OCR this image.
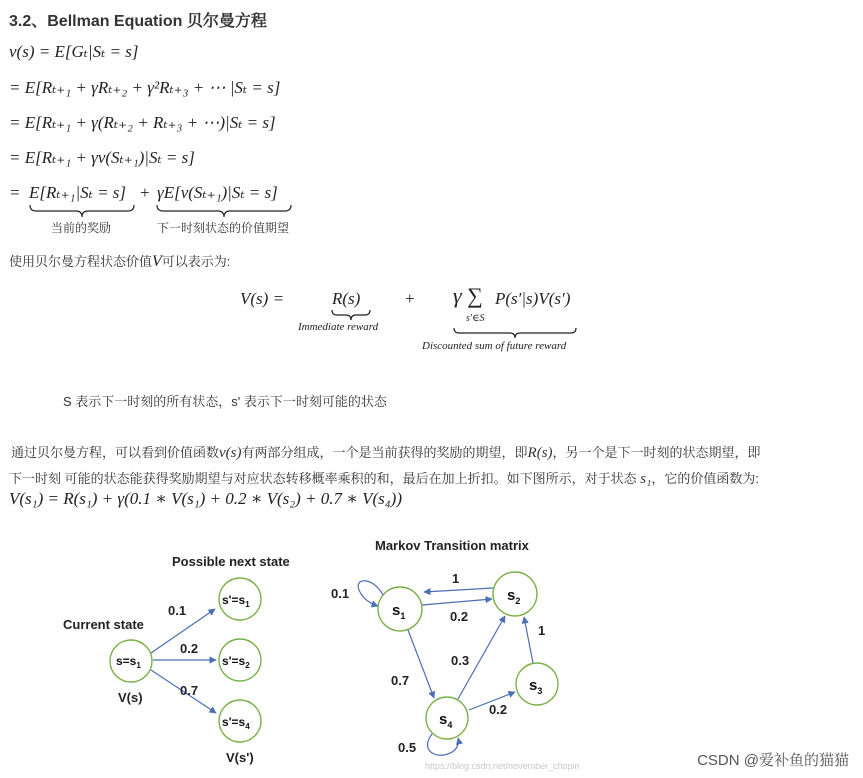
3.2、Bellman Equation 贝尔曼方程
v(s) = E[Gₜ|Sₜ = s]
= E[Rₜ₊₁ + γRₜ₊₂ + γ²Rₜ₊₃ + ⋯ |Sₜ = s]
= E[Rₜ₊₁ + γ(Rₜ₊₂ + Rₜ₊₃ + ⋯)|Sₜ = s]
= E[Rₜ₊₁ + γv(Sₜ₊₁)|Sₜ = s]
= E[Rₜ₊₁|Sₜ = s] + γE[v(Sₜ₊₁)|Sₜ = s]
当前的奖励	下一时刻状态的价值期望
使用贝尔曼方程状态价值V可以表示为:
V(s) =	R(s)	+ γ ∑
s′∈S
P(s′|s)V(s′)
Immediate reward
Discounted sum of future reward
S 表示下一时刻的所有状态，s' 表示下一时刻可能的状态
通过贝尔曼方程，可以看到价值函数v(s)有两部分组成，一个是当前获得的奖励的期望，即R(s)，另一个是下一时刻的状态期望，即
下一时刻 可能的状态能获得奖励期望与对应状态转移概率乘积的和，最后在加上折扣。如下图所示，对于状态 s₁，它的价值函数为:
V(s₁) = R(s₁) + γ(0.1 ∗ V(s₁) + 0.2 ∗ V(s₂) + 0.7 ∗ V(s₄))
Possible next state
Current state
$s=s_1$
V(s)
$s'=s_1$
$s'=s_2$
$s'=s_4$
V(s')
0.1
0.2
0.7
Markov Transition matrix
$s_1$
$s_2$
$s_3$
$s_4$
0.1
1
0.2
1
0.3
0.7
0.2
0.5
https://blog.csdn.net/november_chopin	CSDN @爱补鱼的猫猫
